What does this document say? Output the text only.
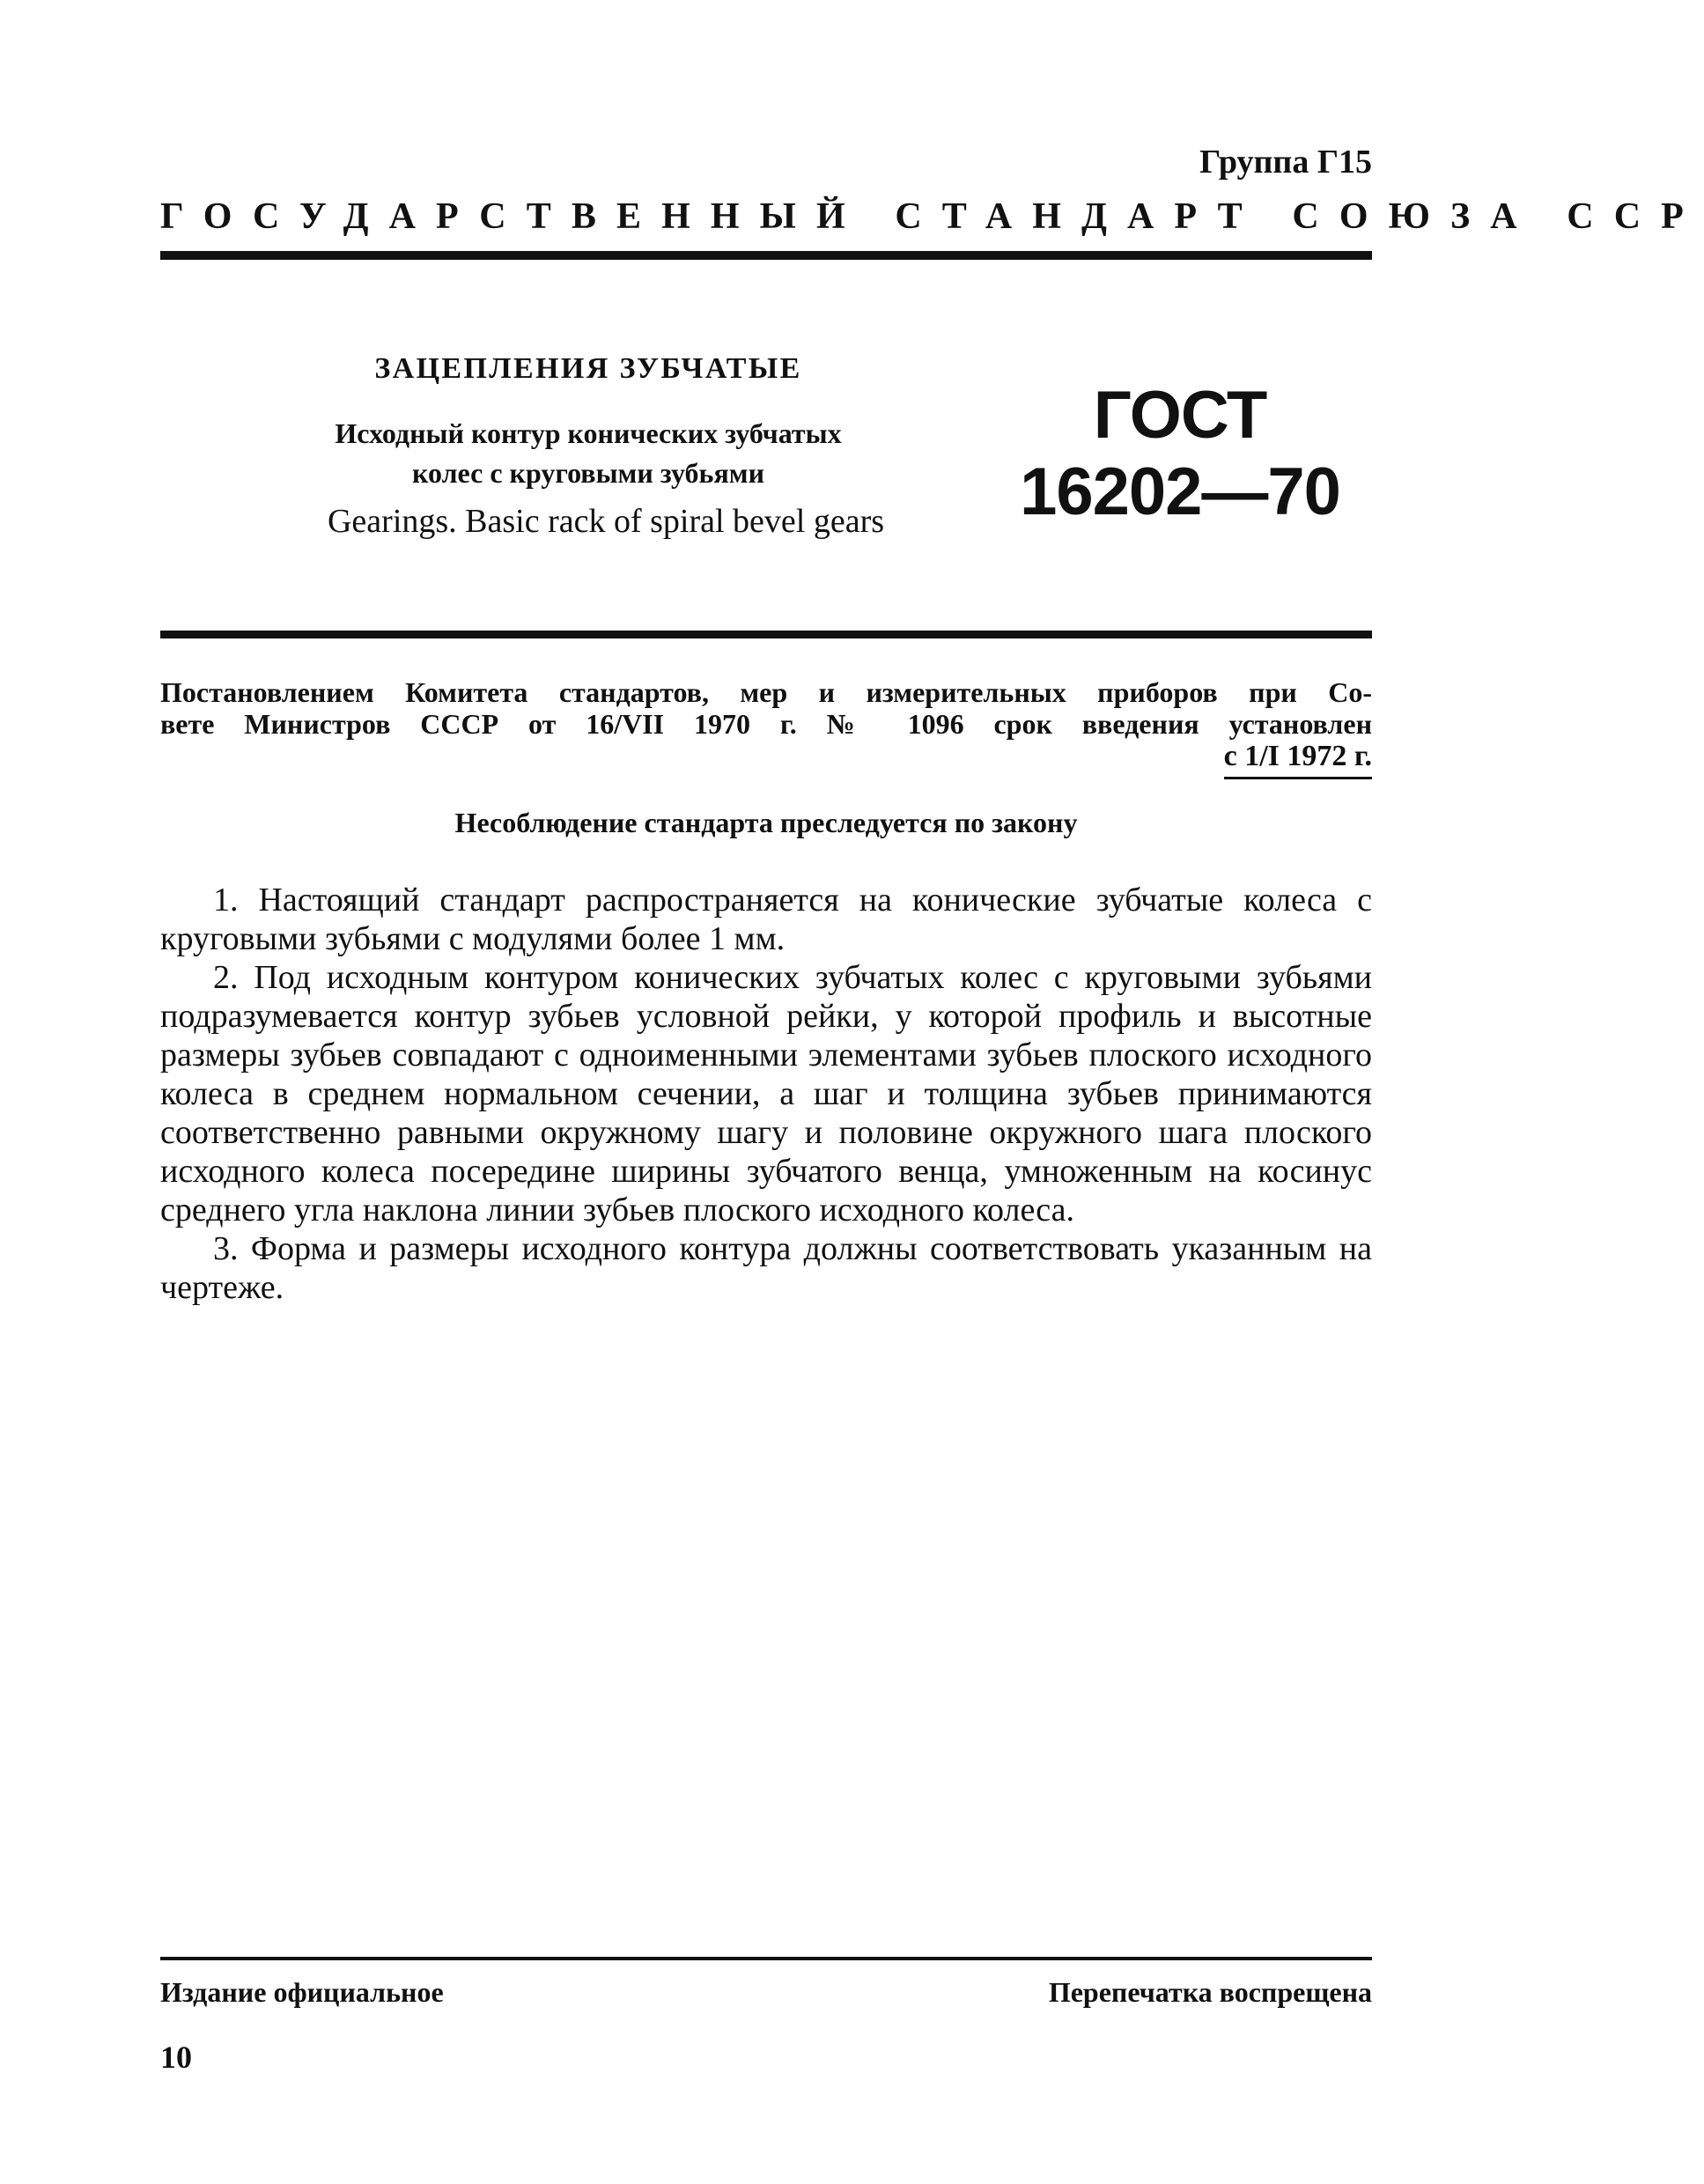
Группа Г15
ГОСУДАРСТВЕННЫЙ СТАНДАРТ СОЮЗА ССР
ЗАЦЕПЛЕНИЯ ЗУБЧАТЫЕ
Исходный контур конических зубчатых
колес с круговыми зубьями
Gearings. Basic rack of spiral bevel gears
ГОСТ
16202—70
Постановлением Комитета стандартов, мер и измерительных приборов при Со-
вете Министров СССР от 16/VII 1970 г. № 1096 срок введения установлен
с 1/I 1972 г.
Несоблюдение стандарта преследуется по закону

1. Настоящий стандарт распространяется на конические зубчатые колеса с круговыми зубьями с модулями более 1 мм.

2. Под исходным контуром конических зубчатых колес с круговыми зубьями подразумевается контур зубьев условной рейки, у которой профиль и высотные размеры зубьев совпадают с одноименными элементами зубьев плоского исходного колеса в среднем нормальном сечении, а шаг и толщина зубьев принимаются соответственно равными окружному шагу и половине окружного шага плоского исходного колеса посередине ширины зубчатого венца, умноженным на косинус среднего угла наклона линии зубьев плоского исходного колеса.

3. Форма и размеры исходного контура должны соответствовать указанным на чертеже.

Издание официальное	Перепечатка воспрещена
10
